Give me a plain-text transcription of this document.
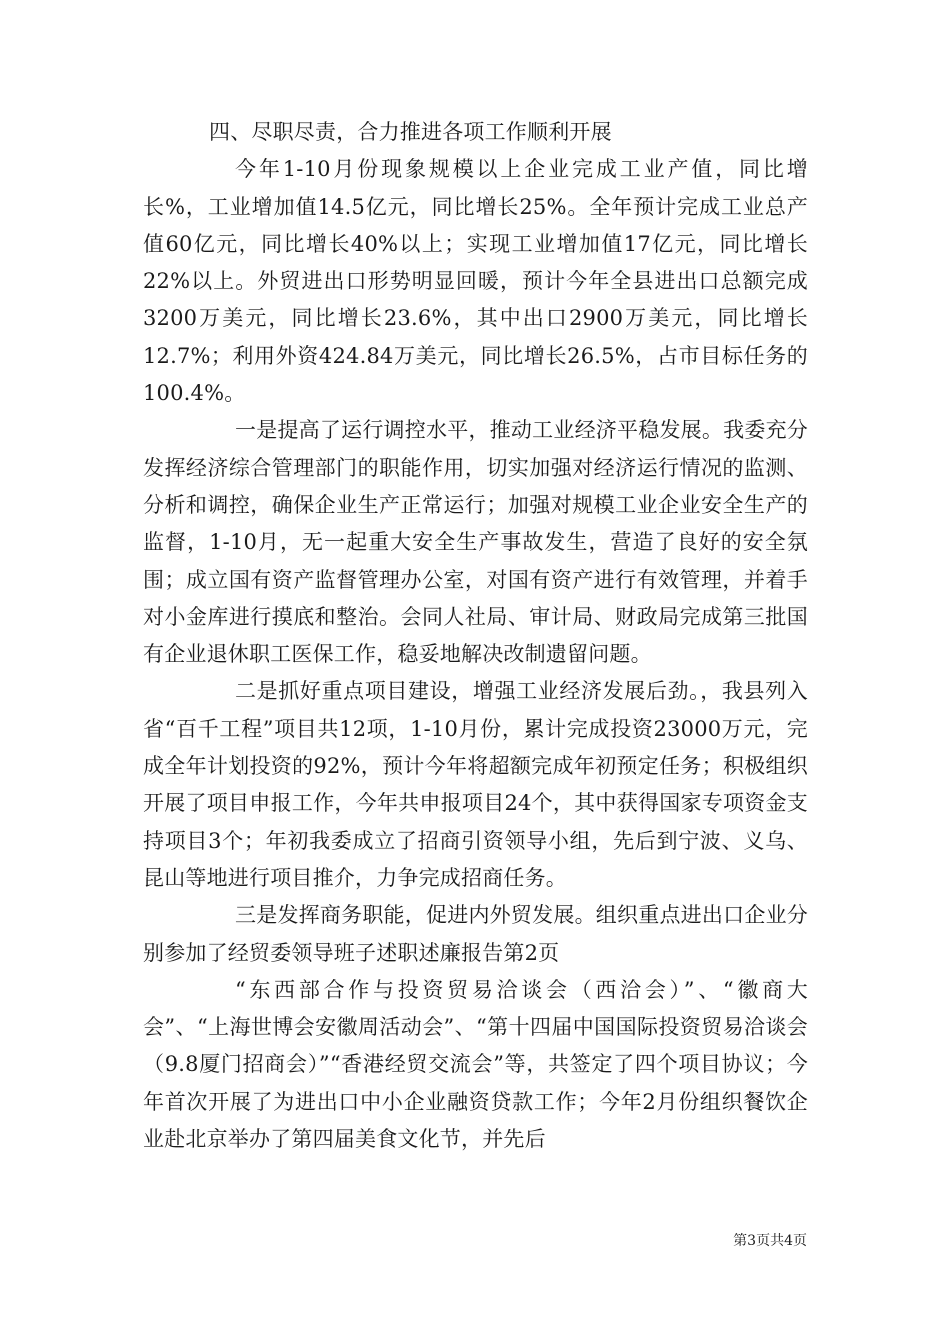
四、尽职尽责，合力推进各项工作顺利开展

今年1-10月份现象规模以上企业完成工业产值，同比增长%，工业增加值14.5亿元，同比增长25%。全年预计完成工业总产值60亿元，同比增长40%以上；实现工业增加值17亿元，同比增长22%以上。外贸进出口形势明显回暖，预计今年全县进出口总额完成3200万美元，同比增长23.6%，其中出口2900万美元，同比增长12.7%；利用外资424.84万美元，同比增长26.5%，占市目标任务的100.4%。

一是提高了运行调控水平，推动工业经济平稳发展。我委充分发挥经济综合管理部门的职能作用，切实加强对经济运行情况的监测、分析和调控，确保企业生产正常运行；加强对规模工业企业安全生产的监督，1-10月，无一起重大安全生产事故发生，营造了良好的安全氛围；成立国有资产监督管理办公室，对国有资产进行有效管理，并着手对小金库进行摸底和整治。会同人社局、审计局、财政局完成第三批国有企业退休职工医保工作，稳妥地解决改制遗留问题。

二是抓好重点项目建设，增强工业经济发展后劲。，我县列入省“百千工程”项目共12项，1-10月份，累计完成投资23000万元，完成全年计划投资的92%，预计今年将超额完成年初预定任务；积极组织开展了项目申报工作，今年共申报项目24个，其中获得国家专项资金支持项目3个；年初我委成立了招商引资领导小组，先后到宁波、义乌、昆山等地进行项目推介，力争完成招商任务。

三是发挥商务职能，促进内外贸发展。组织重点进出口企业分别参加了经贸委领导班子述职述廉报告第2页

“东西部合作与投资贸易洽谈会（西洽会）”、“徽商大会”、“上海世博会安徽周活动会”、“第十四届中国国际投资贸易洽谈会（9.8厦门招商会）”“香港经贸交流会”等，共签定了四个项目协议；今年首次开展了为进出口中小企业融资贷款工作；今年2月份组织餐饮企业赴北京举办了第四届美食文化节，并先后

第3页共4页
